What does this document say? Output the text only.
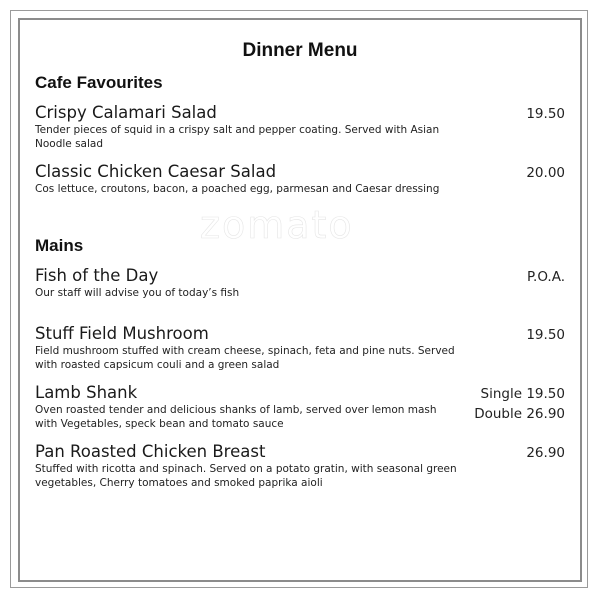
zomato
Dinner Menu
Cafe Favourites
Crispy Calamari Salad
Tender pieces of squid in a crispy salt and pepper coating. Served with Asian Noodle salad
19.50
Classic Chicken Caesar Salad
Cos lettuce, croutons, bacon, a poached egg, parmesan and Caesar dressing
20.00
Mains
Fish of the Day
Our staff will advise you of today’s fish
P.O.A.
Stuff Field Mushroom
Field mushroom stuffed with cream cheese, spinach, feta and pine nuts. Served with roasted capsicum couli and a green salad
19.50
Lamb Shank
Oven roasted tender and delicious shanks of lamb, served over lemon mash with Vegetables, speck bean and tomato sauce
Single 19.50
Double 26.90
Pan Roasted Chicken Breast
Stuffed with ricotta and spinach. Served on a potato gratin, with seasonal green vegetables, Cherry tomatoes and smoked paprika aioli
26.90
